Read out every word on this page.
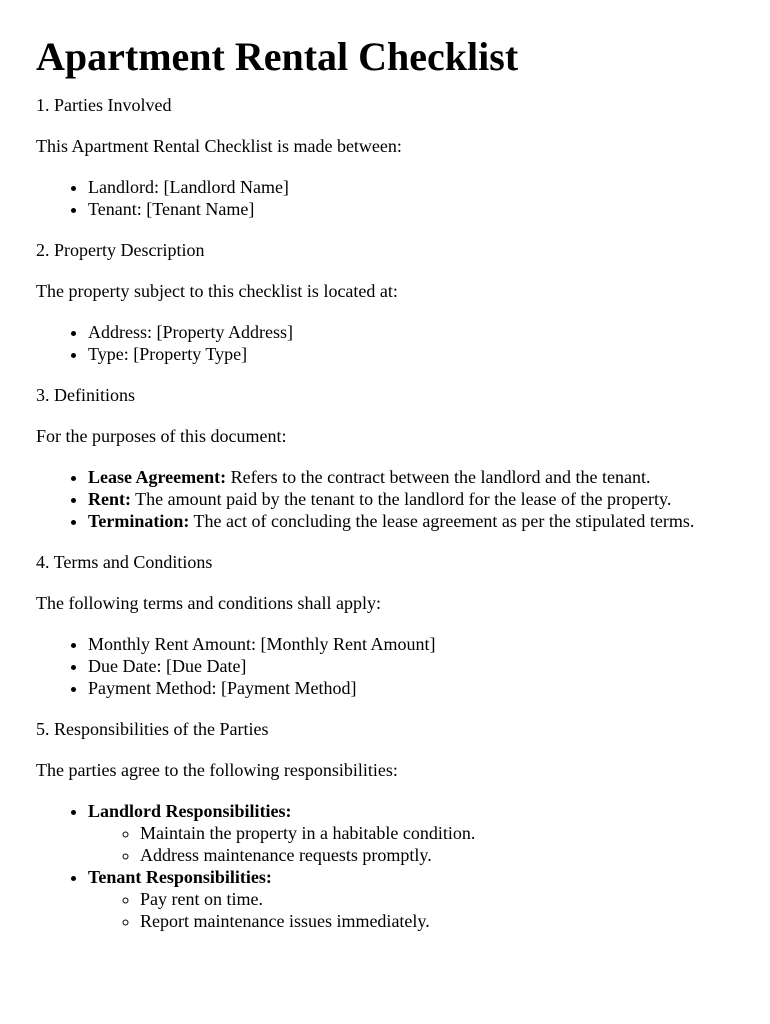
Apartment Rental Checklist

1. Parties Involved

This Apartment Rental Checklist is made between:

• Landlord: [Landlord Name]
• Tenant: [Tenant Name]

2. Property Description

The property subject to this checklist is located at:

• Address: [Property Address]
• Type: [Property Type]

3. Definitions

For the purposes of this document:

• Lease Agreement: Refers to the contract between the landlord and the tenant.
• Rent: The amount paid by the tenant to the landlord for the lease of the property.
• Termination: The act of concluding the lease agreement as per the stipulated terms.

4. Terms and Conditions

The following terms and conditions shall apply:

• Monthly Rent Amount: [Monthly Rent Amount]
• Due Date: [Due Date]
• Payment Method: [Payment Method]

5. Responsibilities of the Parties

The parties agree to the following responsibilities:

• Landlord Responsibilities:
◦ Maintain the property in a habitable condition.
◦ Address maintenance requests promptly.
• Tenant Responsibilities:
◦ Pay rent on time.
◦ Report maintenance issues immediately.
